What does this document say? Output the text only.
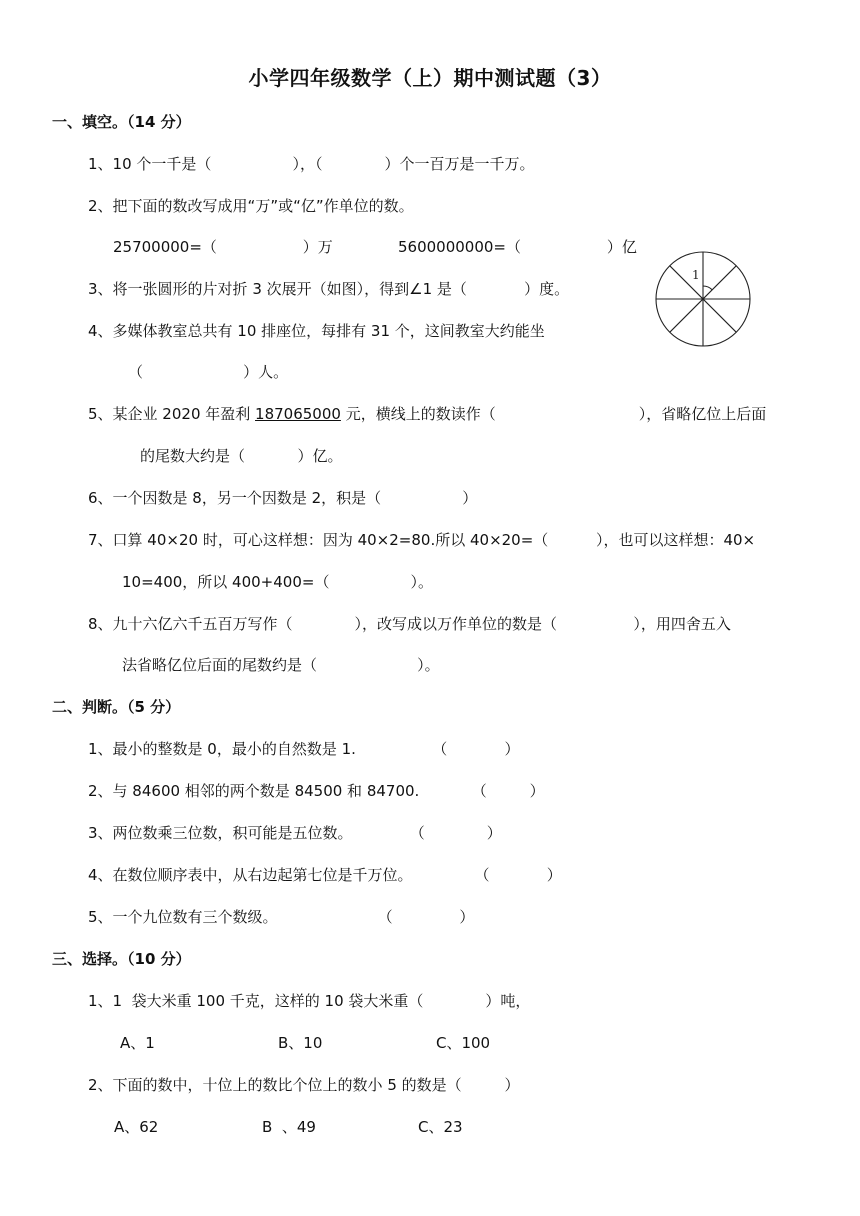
小学四年级数学（上）期中测试题（3）
一、填空。（14 分）
1、10 个一千是（                 ），（             ）个一百万是一千万。
2、把下面的数改写成用“万”或“亿”作单位的数。
25700000=（                  ）万	5600000000=（                  ）亿
3、将一张圆形的片对折 3 次展开（如图），得到∠1 是（            ）度。
1
4、多媒体教室总共有 10 排座位，每排有 31 个，这间教室大约能坐
（                     ）人。
5、某企业 2020 年盈利 187065000 元，横线上的数读作（                              ），省略亿位上后面
的尾数大约是（           ）亿。
6、一个因数是 8，另一个因数是 2，积是（                 ）
7、口算 40×20 时，可心这样想：因为 40×2=80.所以 40×20=（          ），也可以这样想：40×
10=400，所以 400+400=（                 ）。
8、九十六亿六千五百万写作（             ），改写成以万作单位的数是（                ），用四舍五入
法省略亿位后面的尾数约是（                     ）。
二、判断。（5 分）
1、最小的整数是 0，最小的自然数是 1.                （            ）
2、与 84600 相邻的两个数是 84500 和 84700.           （         ）
3、两位数乘三位数，积可能是五位数。            （             ）
4、在数位顺序表中，从右边起第七位是千万位。             （            ）
5、一个九位数有三个数级。                     （              ）
三、选择。（10 分）
1、1  袋大米重 100 千克，这样的 10 袋大米重（             ）吨，
A、1	B、10	C、100
2、下面的数中，十位上的数比个位上的数小 5 的数是（         ）
A、62	B  、49	C、23
